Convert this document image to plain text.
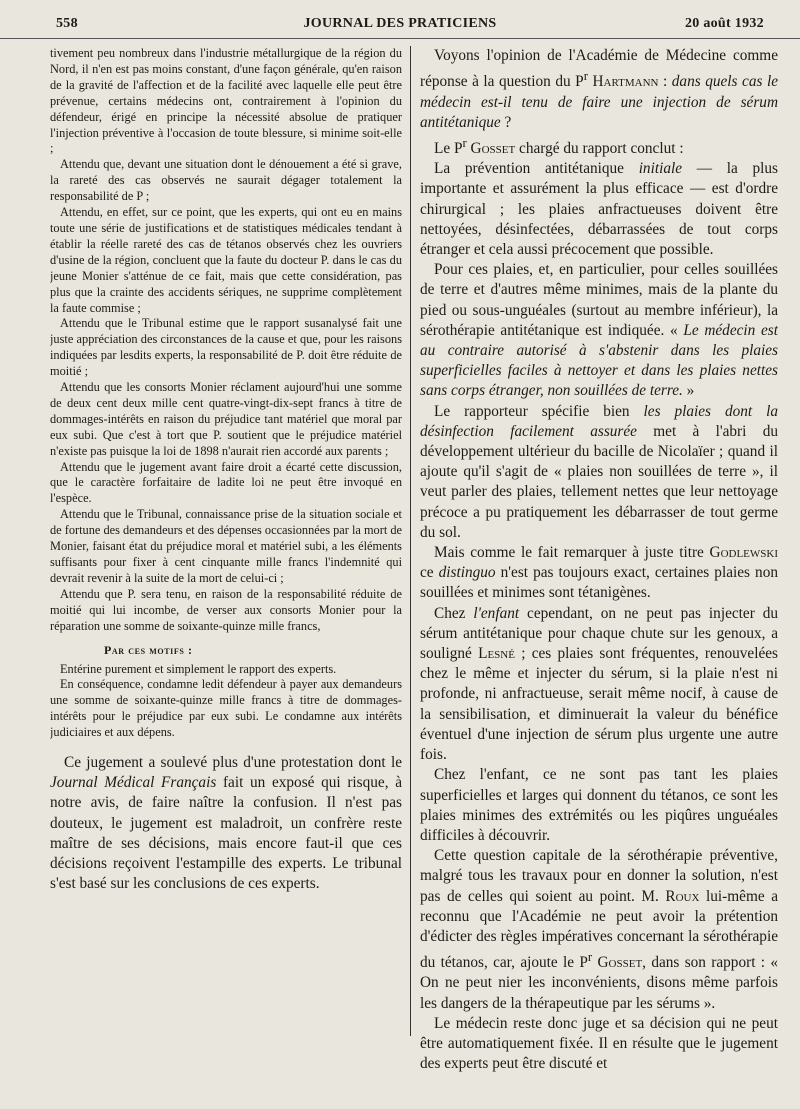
558	JOURNAL DES PRATICIENS	20 août 1932

tivement peu nombreux dans l'industrie métallurgique de la région du Nord, il n'en est pas moins constant, d'une façon générale, qu'en raison de la gravité de l'affection et de la facilité avec laquelle elle peut être prévenue, certains médecins ont, contrairement à l'opinion du défendeur, érigé en principe la nécessité absolue de pratiquer l'injection préventive à l'occasion de toute blessure, si minime soit-elle ;

Attendu que, devant une situation dont le dénouement a été si grave, la rareté des cas observés ne saurait dégager totalement la responsabilité de P ;

Attendu, en effet, sur ce point, que les experts, qui ont eu en mains toute une série de justifications et de statistiques médicales tendant à établir la réelle rareté des cas de tétanos observés chez les ouvriers d'usine de la région, concluent que la faute du docteur P. dans le cas du jeune Monier s'atténue de ce fait, mais que cette considération, pas plus que la crainte des accidents sériques, ne supprime complètement la faute commise ;

Attendu que le Tribunal estime que le rapport susanalysé fait une juste appréciation des circonstances de la cause et que, pour les raisons indiquées par lesdits experts, la responsabilité de P. doit être réduite de moitié ;

Attendu que les consorts Monier réclament aujourd'hui une somme de deux cent deux mille cent quatre-vingt-dix-sept francs à titre de dommages-intérêts en raison du préjudice tant matériel que moral par eux subi. Que c'est à tort que P. soutient que le préjudice matériel n'existe pas puisque la loi de 1898 n'aurait rien accordé aux parents ;

Attendu que le jugement avant faire droit a écarté cette discussion, que le caractère forfaitaire de ladite loi ne peut être invoqué en l'espèce.

Attendu que le Tribunal, connaissance prise de la situation sociale et de fortune des demandeurs et des dépenses occasionnées par la mort de Monier, faisant état du préjudice moral et matériel subi, a les éléments suffisants pour fixer à cent cinquante mille francs l'indemnité qui devrait revenir à la suite de la mort de celui-ci ;

Attendu que P. sera tenu, en raison de la responsabilité réduite de moitié qui lui incombe, de verser aux consorts Monier pour la réparation une somme de soixante-quinze mille francs,

Par ces motifs :

Entérine purement et simplement le rapport des experts.

En conséquence, condamne ledit défendeur à payer aux demandeurs une somme de soixante-quinze mille francs à titre de dommages-intérêts pour le préjudice par eux subi. Le condamne aux intérêts judiciaires et aux dépens.

Ce jugement a soulevé plus d'une protestation dont le Journal Médical Français fait un exposé qui risque, à notre avis, de faire naître la confusion. Il n'est pas douteux, le jugement est maladroit, un confrère reste maître de ses décisions, mais encore faut-il que ces décisions reçoivent l'estampille des experts. Le tribunal s'est basé sur les conclusions de ces experts.

Voyons l'opinion de l'Académie de Médecine comme réponse à la question du $P^r$ Hartmann : dans quels cas le médecin est-il tenu de faire une injection de sérum antitétanique ?

Le $P^r$ Gosset chargé du rapport conclut :

La prévention antitétanique initiale — la plus importante et assurément la plus efficace — est d'ordre chirurgical ; les plaies anfractueuses doivent être nettoyées, désinfectées, débarrassées de tout corps étranger et cela aussi précocement que possible.

Pour ces plaies, et, en particulier, pour celles souillées de terre et d'autres même minimes, mais de la plante du pied ou sous-unguéales (surtout au membre inférieur), la sérothérapie antitétanique est indiquée. « Le médecin est au contraire autorisé à s'abstenir dans les plaies superficielles faciles à nettoyer et dans les plaies nettes sans corps étranger, non souillées de terre. »

Le rapporteur spécifie bien les plaies dont la désinfection facilement assurée met à l'abri du développement ultérieur du bacille de Nicolaïer ; quand il ajoute qu'il s'agit de « plaies non souillées de terre », il veut parler des plaies, tellement nettes que leur nettoyage précoce a pu pratiquement les débarrasser de tout germe du sol.

Mais comme le fait remarquer à juste titre Godlewski ce distinguo n'est pas toujours exact, certaines plaies non souillées et minimes sont tétanigènes.

Chez l'enfant cependant, on ne peut pas injecter du sérum antitétanique pour chaque chute sur les genoux, a souligné Lesné ; ces plaies sont fréquentes, renouvelées chez le même et injecter du sérum, si la plaie n'est ni profonde, ni anfractueuse, serait même nocif, à cause de la sensibilisation, et diminuerait la valeur du bénéfice éventuel d'une injection de sérum plus urgente une autre fois.

Chez l'enfant, ce ne sont pas tant les plaies superficielles et larges qui donnent du tétanos, ce sont les plaies minimes des extrémités ou les piqûres unguéales difficiles à découvrir.

Cette question capitale de la sérothérapie préventive, malgré tous les travaux pour en donner la solution, n'est pas de celles qui soient au point. M. Roux lui-même a reconnu que l'Académie ne peut avoir la prétention d'édicter des règles impératives concernant la sérothérapie du tétanos, car, ajoute le $P^r$ Gosset, dans son rapport : « On ne peut nier les inconvénients, disons même parfois les dangers de la thérapeutique par les sérums ».

Le médecin reste donc juge et sa décision qui ne peut être automatiquement fixée. Il en résulte que le jugement des experts peut être discuté et
